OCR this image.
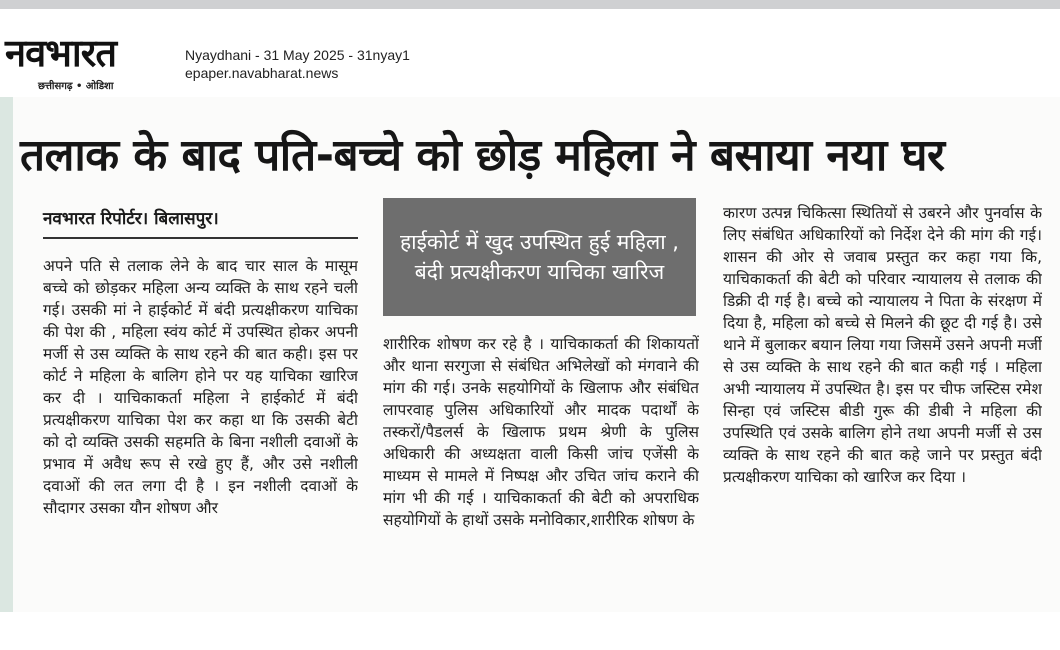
नवभारत
छत्तीसगढ़ • ओडिशा
Nyaydhani - 31 May 2025 - 31nyay1
epaper.navabharat.news
तलाक के बाद पति-बच्चे को छोड़ महिला ने बसाया नया घर
नवभारत रिपोर्टर। बिलासपुर।

अपने पति से तलाक लेने के बाद चार साल के मासूम बच्चे को छोड़कर महिला अन्य व्यक्ति के साथ रहने चली गई। उसकी मां ने हाईकोर्ट में बंदी प्रत्यक्षीकरण याचिका की पेश की , महिला स्वंय कोर्ट में उपस्थित होकर अपनी मर्जी से उस व्यक्ति के साथ रहने की बात कही। इस पर कोर्ट ने महिला के बालिग होने पर यह याचिका खारिज कर दी । याचिकाकर्ता महिला ने हाईकोर्ट में बंदी प्रत्यक्षीकरण याचिका पेश कर कहा था कि उसकी बेटी को दो व्यक्ति उसकी सहमति के बिना नशीली दवाओं के प्रभाव में अवैध रूप से रखे हुए हैं, और उसे नशीली दवाओं की लत लगा दी है । इन नशीली दवाओं के सौदागर उसका यौन शोषण और

हाईकोर्ट में खुद उपस्थित हुई महिला , बंदी प्रत्यक्षीकरण याचिका खारिज

शारीरिक शोषण कर रहे है । याचिकाकर्ता की शिकायतों और थाना सरगुजा से संबंधित अभिलेखों को मंगवाने की मांग की गई। उनके सहयोगियों के खिलाफ और संबंधित लापरवाह पुलिस अधिकारियों और मादक पदार्थों के तस्करों/पैडलर्स के खिलाफ प्रथम श्रेणी के पुलिस अधिकारी की अध्यक्षता वाली किसी जांच एजेंसी के माध्यम से मामले में निष्पक्ष और उचित जांच कराने की मांग भी की गई । याचिकाकर्ता की बेटी को अपराधिक सहयोगियों के हाथों उसके मनोविकार,शारीरिक शोषण के

कारण उत्पन्न चिकित्सा स्थितियों से उबरने और पुनर्वास के लिए संबंधित अधिकारियों को निर्देश देने की मांग की गई। शासन की ओर से जवाब प्रस्तुत कर कहा गया कि, याचिकाकर्ता की बेटी को परिवार न्यायालय से तलाक की डिक्री दी गई है। बच्चे को न्यायालय ने पिता के संरक्षण में दिया है, महिला को बच्चे से मिलने की छूट दी गई है। उसे थाने में बुलाकर बयान लिया गया जिसमें उसने अपनी मर्जी से उस व्यक्ति के साथ रहने की बात कही गई । महिला अभी न्यायालय में उपस्थित है। इस पर चीफ जस्टिस रमेश सिन्हा एवं जस्टिस बीडी गुरू की डीबी ने महिला की उपस्थिति एवं उसके बालिग होने तथा अपनी मर्जी से उस व्यक्ति के साथ रहने की बात कहे जाने पर प्रस्तुत बंदी प्रत्यक्षीकरण याचिका को खारिज कर दिया ।
